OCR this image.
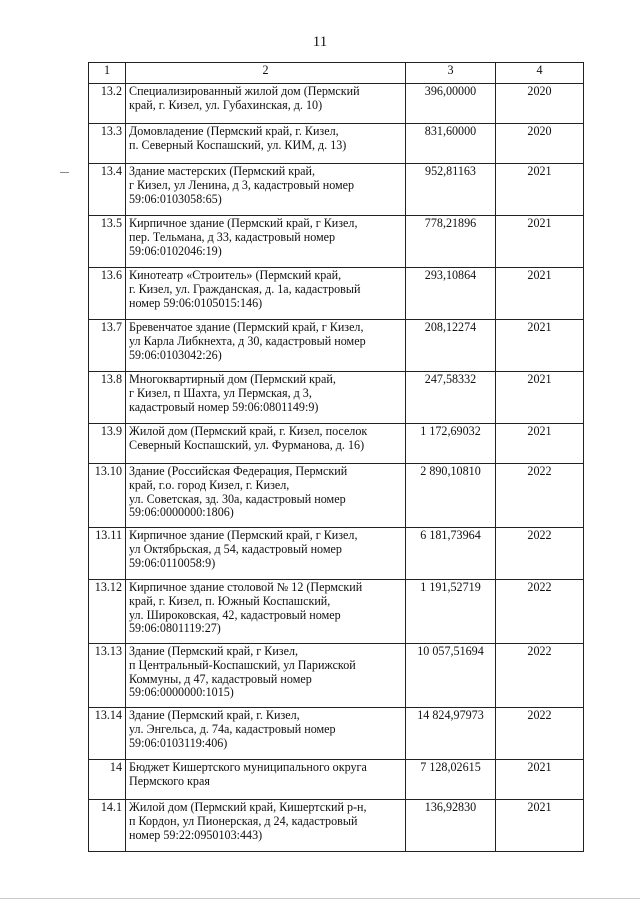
11
1	2	3	4
13.2	Специализированный жилой дом (Пермский
край, г. Кизел, ул. Губахинская, д. 10)	396,00000	2020
13.3	Домовладение (Пермский край, г. Кизел,
п. Северный Коспашский, ул. КИМ, д. 13)	831,60000	2020
13.4	Здание мастерских (Пермский край,
г Кизел, ул Ленина, д 3, кадастровый номер
59:06:0103058:65)	952,81163	2021
13.5	Кирпичное здание (Пермский край, г Кизел,
пер. Тельмана, д 33, кадастровый номер
59:06:0102046:19)	778,21896	2021
13.6	Кинотеатр «Строитель» (Пермский край,
г. Кизел, ул. Гражданская, д. 1а, кадастровый
номер 59:06:0105015:146)	293,10864	2021
13.7	Бревенчатое здание (Пермский край, г Кизел,
ул Карла Либкнехта, д 30, кадастровый номер
59:06:0103042:26)	208,12274	2021
13.8	Многоквартирный дом (Пермский край,
г Кизел, п Шахта, ул Пермская, д 3,
кадастровый номер 59:06:0801149:9)	247,58332	2021
13.9	Жилой дом (Пермский край, г. Кизел, поселок
Северный Коспашский, ул. Фурманова, д. 16)	1 172,69032	2021
13.10	Здание (Российская Федерация, Пермский
край, г.о. город Кизел, г. Кизел,
ул. Советская, зд. 30а, кадастровый номер
59:06:0000000:1806)	2 890,10810	2022
13.11	Кирпичное здание (Пермский край, г Кизел,
ул Октябрьская, д 54, кадастровый номер
59:06:0110058:9)	6 181,73964	2022
13.12	Кирпичное здание столовой № 12 (Пермский
край, г. Кизел, п. Южный Коспашский,
ул. Широковская, 42, кадастровый номер
59:06:0801119:27)	1 191,52719	2022
13.13	Здание (Пермский край, г Кизел,
п Центральный-Коспашский, ул Парижской
Коммуны, д 47, кадастровый номер
59:06:0000000:1015)	10 057,51694	2022
13.14	Здание (Пермский край, г. Кизел,
ул. Энгельса, д. 74а, кадастровый номер
59:06:0103119:406)	14 824,97973	2022
14	Бюджет Кишертского муниципального округа
Пермского края	7 128,02615	2021
14.1	Жилой дом (Пермский край, Кишертский р-н,
п Кордон, ул Пионерская, д 24, кадастровый
номер 59:22:0950103:443)	136,92830	2021
